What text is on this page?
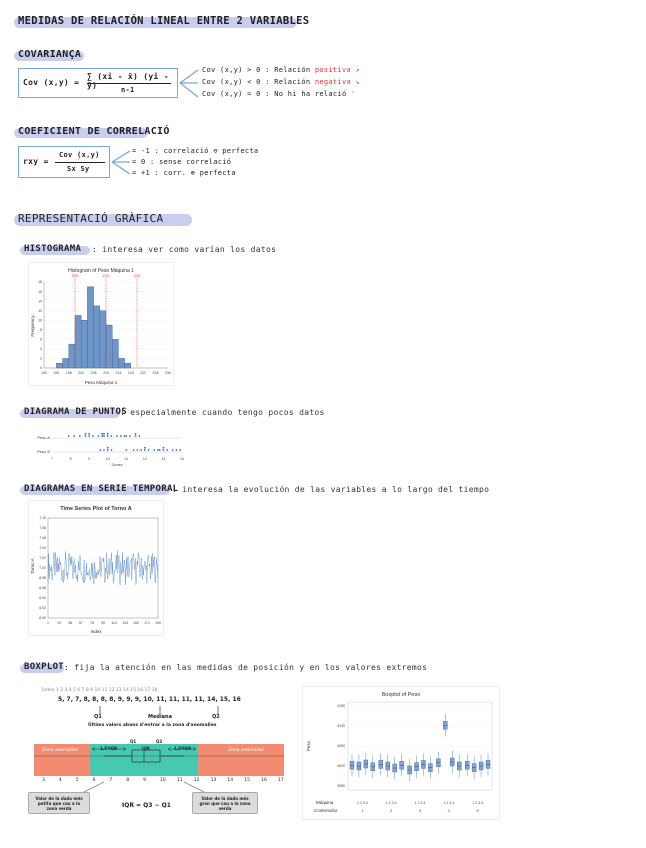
MEDIDAS DE RELACIÓN LINEAL ENTRE 2 VARIABLES
COVARIANÇA
Cov (x,y) =
∑ (xi - x̄) (yi - ȳ)	n-1
Cov (x,y) > 0 : Relación positiva ↗
Cov (x,y) < 0 : Relación negativa ↘
Cov (x,y) = 0 : No hi ha relació ⁼
COEFICIENT DE CORRELACIÓ
rxy =
Cov (x,y)
Sx Sy
= -1 : correlació ⊖ perfecta
= 0 : sense correlació
= +1 : corr. ⊕ perfecta
REPRESENTACIÓ GRÀFICA
HISTOGRAMA : interesa ver como varían los datos
Histogram of Peso Máquina 1
Peso Máquina 1
Frequency
200	210	220
190 194 198 202 206 210 214 218 222 226 230
0
2
4
6
8
10
12
14
16
18
DIAGRAMA DE PUNTOS
: especialmente cuando tengo pocos datos
Peso A
Peso B
7	8	9	10	11	12	13	14
Scores
DIAGRAMAS EN SERIE TEMPORAL
: interesa la evolución de las variables a lo largo del tiempo
Time Series Plot of Torno A
Index
Torno A
6,90
6,92
6,94
6,96
6,98
7,00
7,02
7,04
7,06
7,08
7,10
1 19 38 57 76 95 114 133 152 171 190
BOXPLOT : fija la atención en las medidas de posición y en los valores extremos
Índex 1 2 3 4 5 6 7 8 9 10 11 12 13 14 15 16 17 18
5, 7, 7, 8, 8, 8, 8, 9, 9, 9, 10, 11, 11, 11, 11, 14, 15, 16
Q1	Mediana	Q2
Últims valors abans d'entrar a la zona d'anomalies
Zona anomalies	Zona anomalies
1,5*IQR	IQR	1,5*IQR
Q1	Q3
3	4	5	6	7	8	9	10 11 12 13 14 15 16 17
Valor de la dada més petita que cau a la zona verda	IQR = Q3 − Q1
Valor de la dada més gran que cau a la zona verda
Boxplot of Peso
Peso
Máquina
Contenedor
3950
4000
4050
4100
4150
1 2 3 4
1
1 2 3 4
2
1 2 3 4
3
1 2 3 4
4
1 2 3 4
5
